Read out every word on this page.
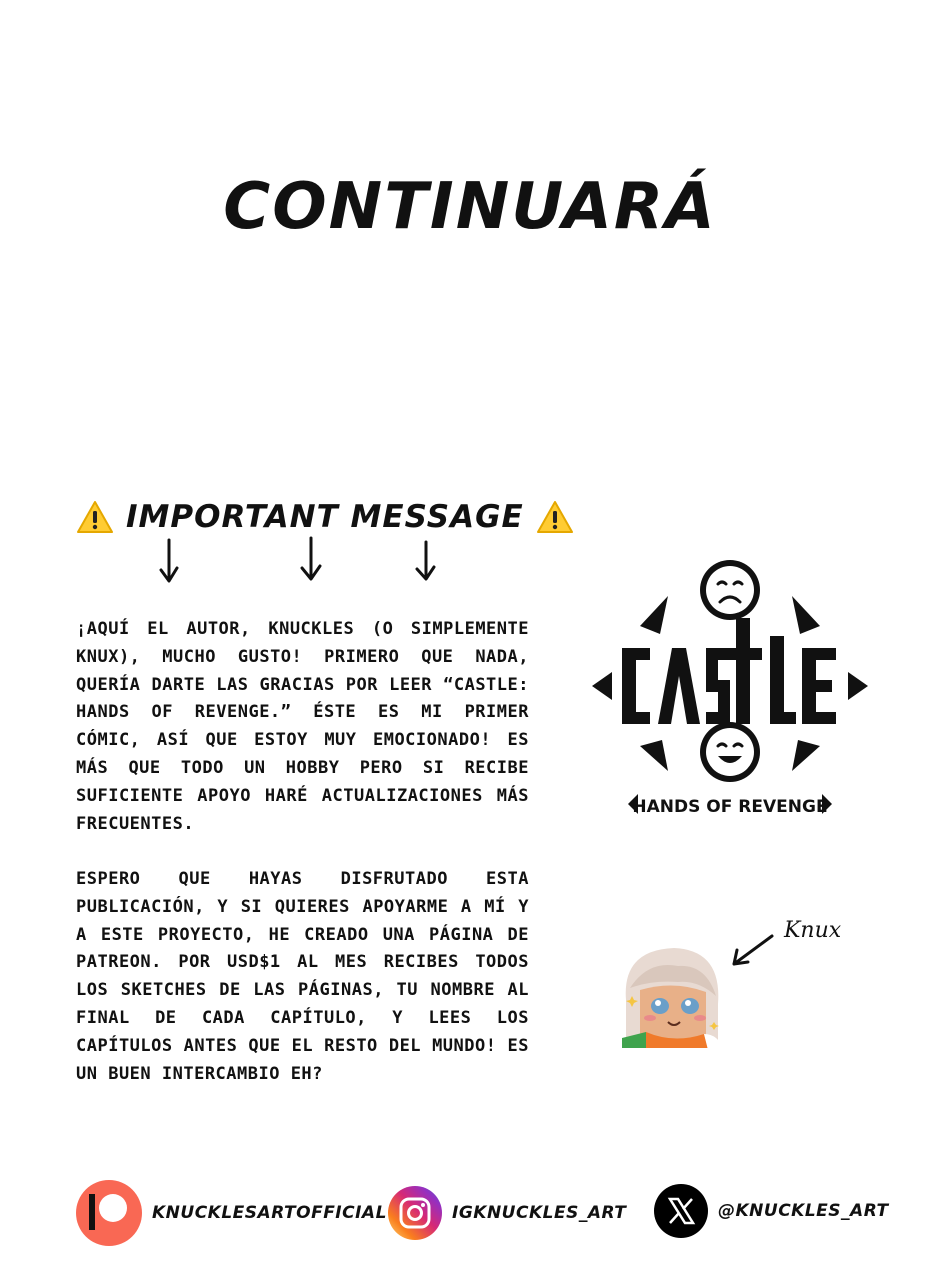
CONTINUARÁ
IMPORTANT MESSAGE

¡AQUÍ EL AUTOR, KNUCKLES (O SIMPLEMENTE KNUX), MUCHO GUSTO! PRIMERO QUE NADA, QUERÍA DARTE LAS GRACIAS POR LEER “CASTLE: HANDS OF REVENGE.” ÉSTE ES MI PRIMER CÓMIC, ASÍ QUE ESTOY MUY EMOCIONADO! ES MÁS QUE TODO UN HOBBY PERO SI RECIBE SUFICIENTE APOYO HARÉ ACTUALIZACIONES MÁS FRECUENTES.

ESPERO QUE HAYAS DISFRUTADO ESTA PUBLICACIÓN, Y SI QUIERES APOYARME A MÍ Y A ESTE PROYECTO, HE CREADO UNA PÁGINA DE PATREON. POR USD$1 AL MES RECIBES TODOS LOS SKETCHES DE LAS PÁGINAS, TU NOMBRE AL FINAL DE CADA CAPÍTULO, Y LEES LOS CAPÍTULOS ANTES QUE EL RESTO DEL MUNDO! ES UN BUEN INTERCAMBIO EH?

HANDS OF REVENGE
Knux
KNUCKLESARTOFFICIAL	IGKNUCKLES_ART	@KNUCKLES_ART
